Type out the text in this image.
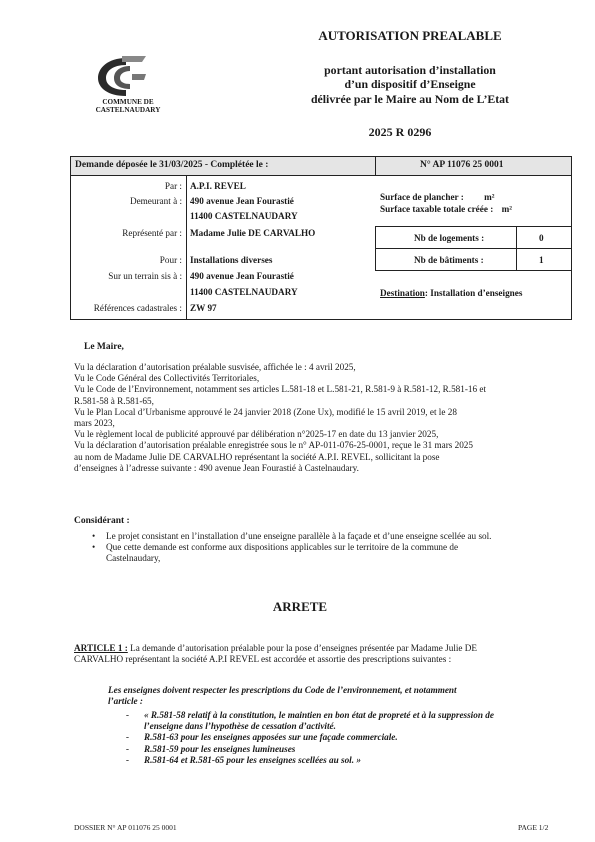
COMMUNE DE
CASTELNAUDARY
AUTORISATION PREALABLE
portant autorisation d’installation
d’un dispositif d’Enseigne
délivrée par le Maire au Nom de L’Etat
2025 R 0296
Demande déposée le 31/03/2025 - Complétée le :	N° AP 11076 25 0001
Par : A.P.I. REVEL
Demeurant à : 490 avenue Jean Fourastié
11400 CASTELNAUDARY
Représenté par : Madame Julie DE CARVALHO
Pour : Installations diverses
Sur un terrain sis à : 490 avenue Jean Fourastié
11400 CASTELNAUDARY
Références cadastrales : ZW 97
Surface de plancher : m²
Surface taxable totale créée : m²
Nb de logements :	0
Nb de bâtiments :	1
Destination: Installation d’enseignes
Le Maire,
Vu la déclaration d’autorisation préalable susvisée, affichée le : 4 avril 2025,
Vu le Code Général des Collectivités Territoriales,
Vu le Code de l’Environnement, notamment ses articles L.581-18 et L.581-21, R.581-9 à R.581-12, R.581-16 et
R.581-58 à R.581-65,
Vu le Plan Local d’Urbanisme approuvé le 24 janvier 2018 (Zone Ux), modifié le 15 avril 2019, et le 28
mars 2023,
Vu le règlement local de publicité approuvé par délibération n°2025-17 en date du 13 janvier 2025,
Vu la déclaration d’autorisation préalable enregistrée sous le n° AP-011-076-25-0001, reçue le 31 mars 2025
au nom de Madame Julie DE CARVALHO représentant la société A.P.I. REVEL, sollicitant la pose
d’enseignes à l’adresse suivante : 490 avenue Jean Fourastié à Castelnaudary.
Considérant :
• Le projet consistant en l’installation d’une enseigne parallèle à la façade et d’une enseigne scellée au sol.
• Que cette demande est conforme aux dispositions applicables sur le territoire de la commune de
Castelnaudary,
ARRETE
ARTICLE 1 : La demande d’autorisation préalable pour la pose d’enseignes présentée par Madame Julie DE
CARVALHO représentant la société A.P.I REVEL est accordée et assortie des prescriptions suivantes :
Les enseignes doivent respecter les prescriptions du Code de l’environnement, et notamment
l’article :
- « R.581-58 relatif à la constitution, le maintien en bon état de propreté et à la suppression de
l’enseigne dans l’hypothèse de cessation d’activité.
- R.581-63 pour les enseignes apposées sur une façade commerciale.
- R.581-59 pour les enseignes lumineuses
- R.581-64 et R.581-65 pour les enseignes scellées au sol. »
DOSSIER N° AP 011076 25 0001	PAGE 1/2
